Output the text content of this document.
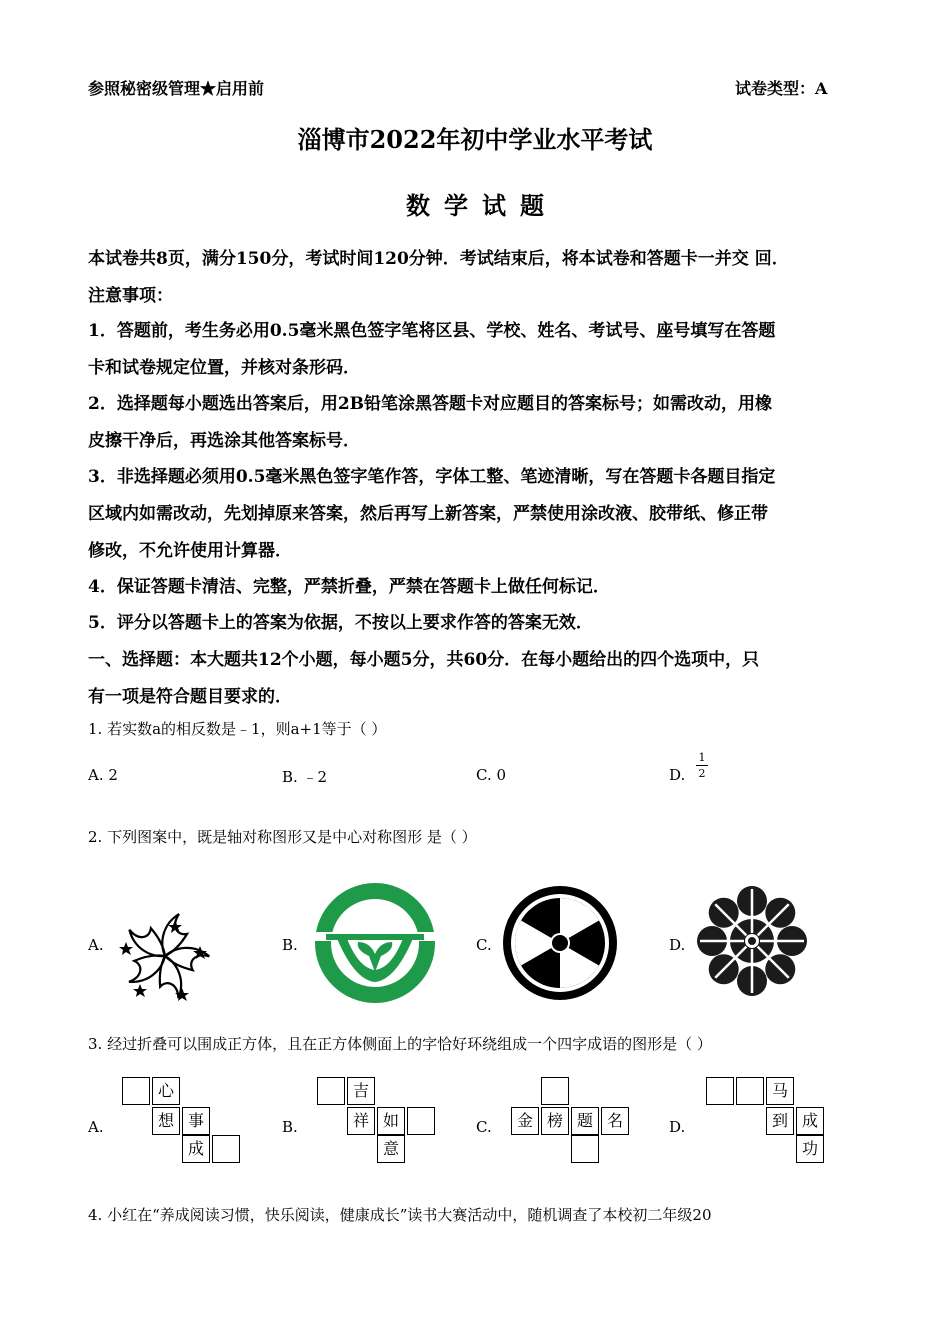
参照秘密级管理★启用前	试卷类型：A
淄博市2022年初中学业水平考试
数学试题
本试卷共8页，满分150分，考试时间120分钟．考试结束后，将本试卷和答题卡一并交 回．
注意事项：
1．答题前，考生务必用0.5毫米黑色签字笔将区县、学校、姓名、考试号、座号填写在答题
卡和试卷规定位置，并核对条形码．
2．选择题每小题选出答案后，用2B铅笔涂黑答题卡对应题目的答案标号；如需改动，用橡
皮擦干净后，再选涂其他答案标号．
3．非选择题必须用0.5毫米黑色签字笔作答，字体工整、笔迹清晰，写在答题卡各题目指定
区域内如需改动，先划掉原来答案，然后再写上新答案，严禁使用涂改液、胶带纸、修正带
修改，不允许使用计算器．
4．保证答题卡清洁、完整，严禁折叠，严禁在答题卡上做任何标记．
5．评分以答题卡上的答案为依据，不按以上要求作答的答案无效．
一、选择题：本大题共12个小题，每小题5分，共60分．在每小题给出的四个选项中，只
有一项是符合题目要求的．
1. 若实数a的相反数是﹣1，则a+1等于（ ）
A. 2	B. ﹣2	C. 0	D.
1
2
2. 下列图案中，既是轴对称图形又是中心对称图形 是（ ）
A.	B.	C.	D.
3. 经过折叠可以围成正方体，且在正方体侧面上的字恰好环绕组成一个四字成语的图形是（ ）
A.	B.	C.	D.
心
想 事
成
吉
祥 如
意
金 榜 题 名
马
到 成
功
4. 小红在“养成阅读习惯，快乐阅读，健康成长”读书大赛活动中，随机调查了本校初二年级20
